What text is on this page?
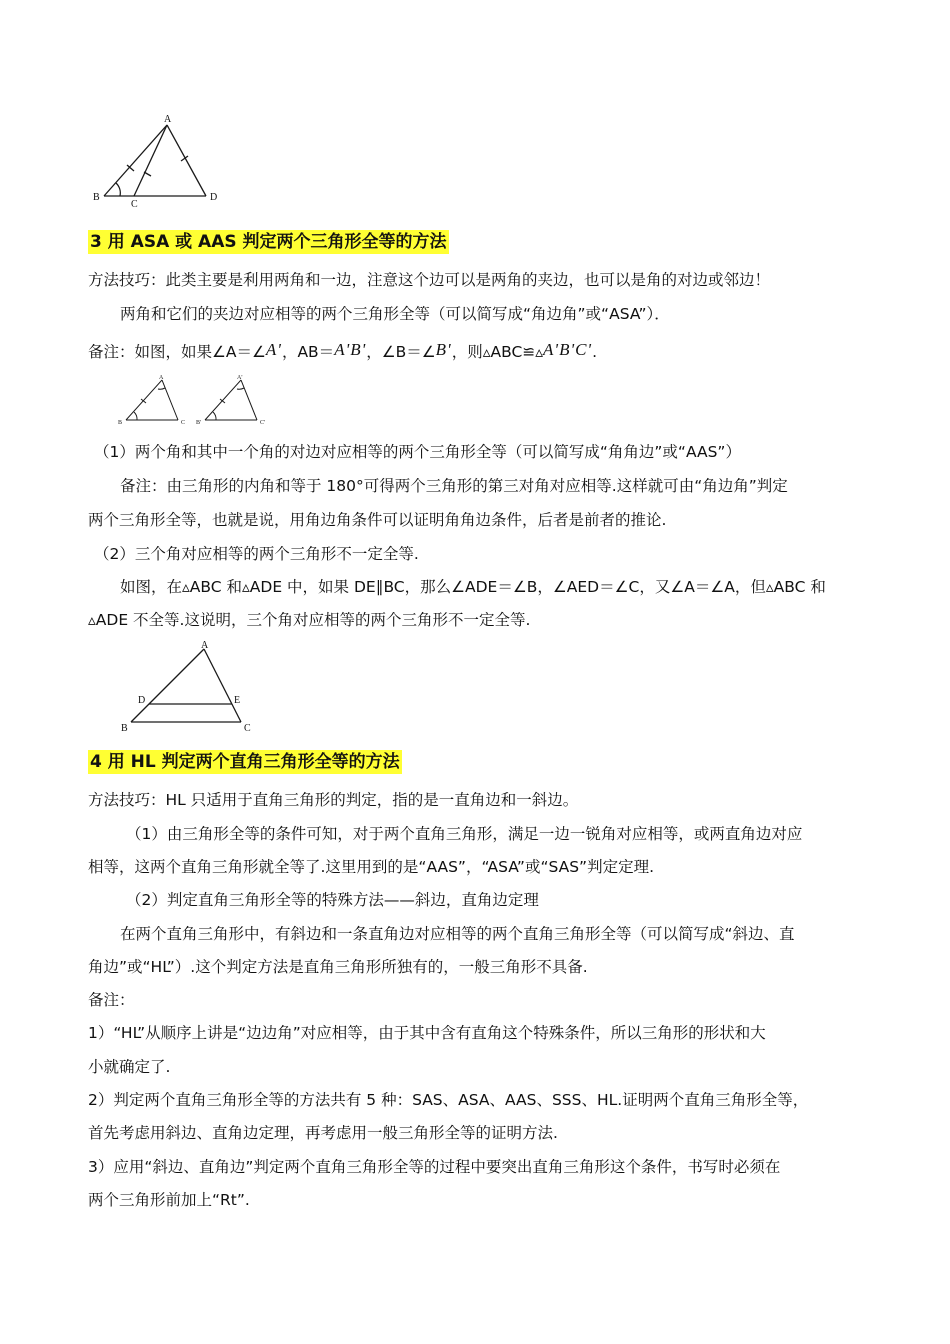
A
B
C
D
3 用 ASA 或 AAS 判定两个三角形全等的方法
方法技巧：此类主要是利用两角和一边，注意这个边可以是两角的夹边，也可以是角的对边或邻边！
两角和它们的夹边对应相等的两个三角形全等（可以简写成“角边角”或“ASA”）．
备注：如图，如果∠A＝∠A'，AB＝A'B'，∠B＝∠B'，则▵ABC≌▵A'B'C'.
A
B	C
A'
B'	C'
（1）两个角和其中一个角的对边对应相等的两个三角形全等（可以简写成“角角边”或“AAS”）
备注：由三角形的内角和等于 180°可得两个三角形的第三对角对应相等.这样就可由“角边角”判定
两个三角形全等，也就是说，用角边角条件可以证明角角边条件，后者是前者的推论.
（2）三个角对应相等的两个三角形不一定全等.
如图，在▵ABC 和▵ADE 中，如果 DE∥BC，那么∠ADE＝∠B，∠AED＝∠C，又∠A＝∠A，但▵ABC 和
▵ADE 不全等.这说明，三个角对应相等的两个三角形不一定全等.
A
B	C
D	E
4 用 HL 判定两个直角三角形全等的方法
方法技巧：HL 只适用于直角三角形的判定，指的是一直角边和一斜边。
（1）由三角形全等的条件可知，对于两个直角三角形，满足一边一锐角对应相等，或两直角边对应
相等，这两个直角三角形就全等了.这里用到的是“AAS”，“ASA”或“SAS”判定定理.
（2）判定直角三角形全等的特殊方法——斜边，直角边定理
在两个直角三角形中，有斜边和一条直角边对应相等的两个直角三角形全等（可以简写成“斜边、直
角边”或“HL”）.这个判定方法是直角三角形所独有的，一般三角形不具备.
备注：
1）“HL”从顺序上讲是“边边角”对应相等，由于其中含有直角这个特殊条件，所以三角形的形状和大
小就确定了.
2）判定两个直角三角形全等的方法共有 5 种：SAS、ASA、AAS、SSS、HL.证明两个直角三角形全等，
首先考虑用斜边、直角边定理，再考虑用一般三角形全等的证明方法.
3）应用“斜边、直角边”判定两个直角三角形全等的过程中要突出直角三角形这个条件，书写时必须在
两个三角形前加上“Rt”.
